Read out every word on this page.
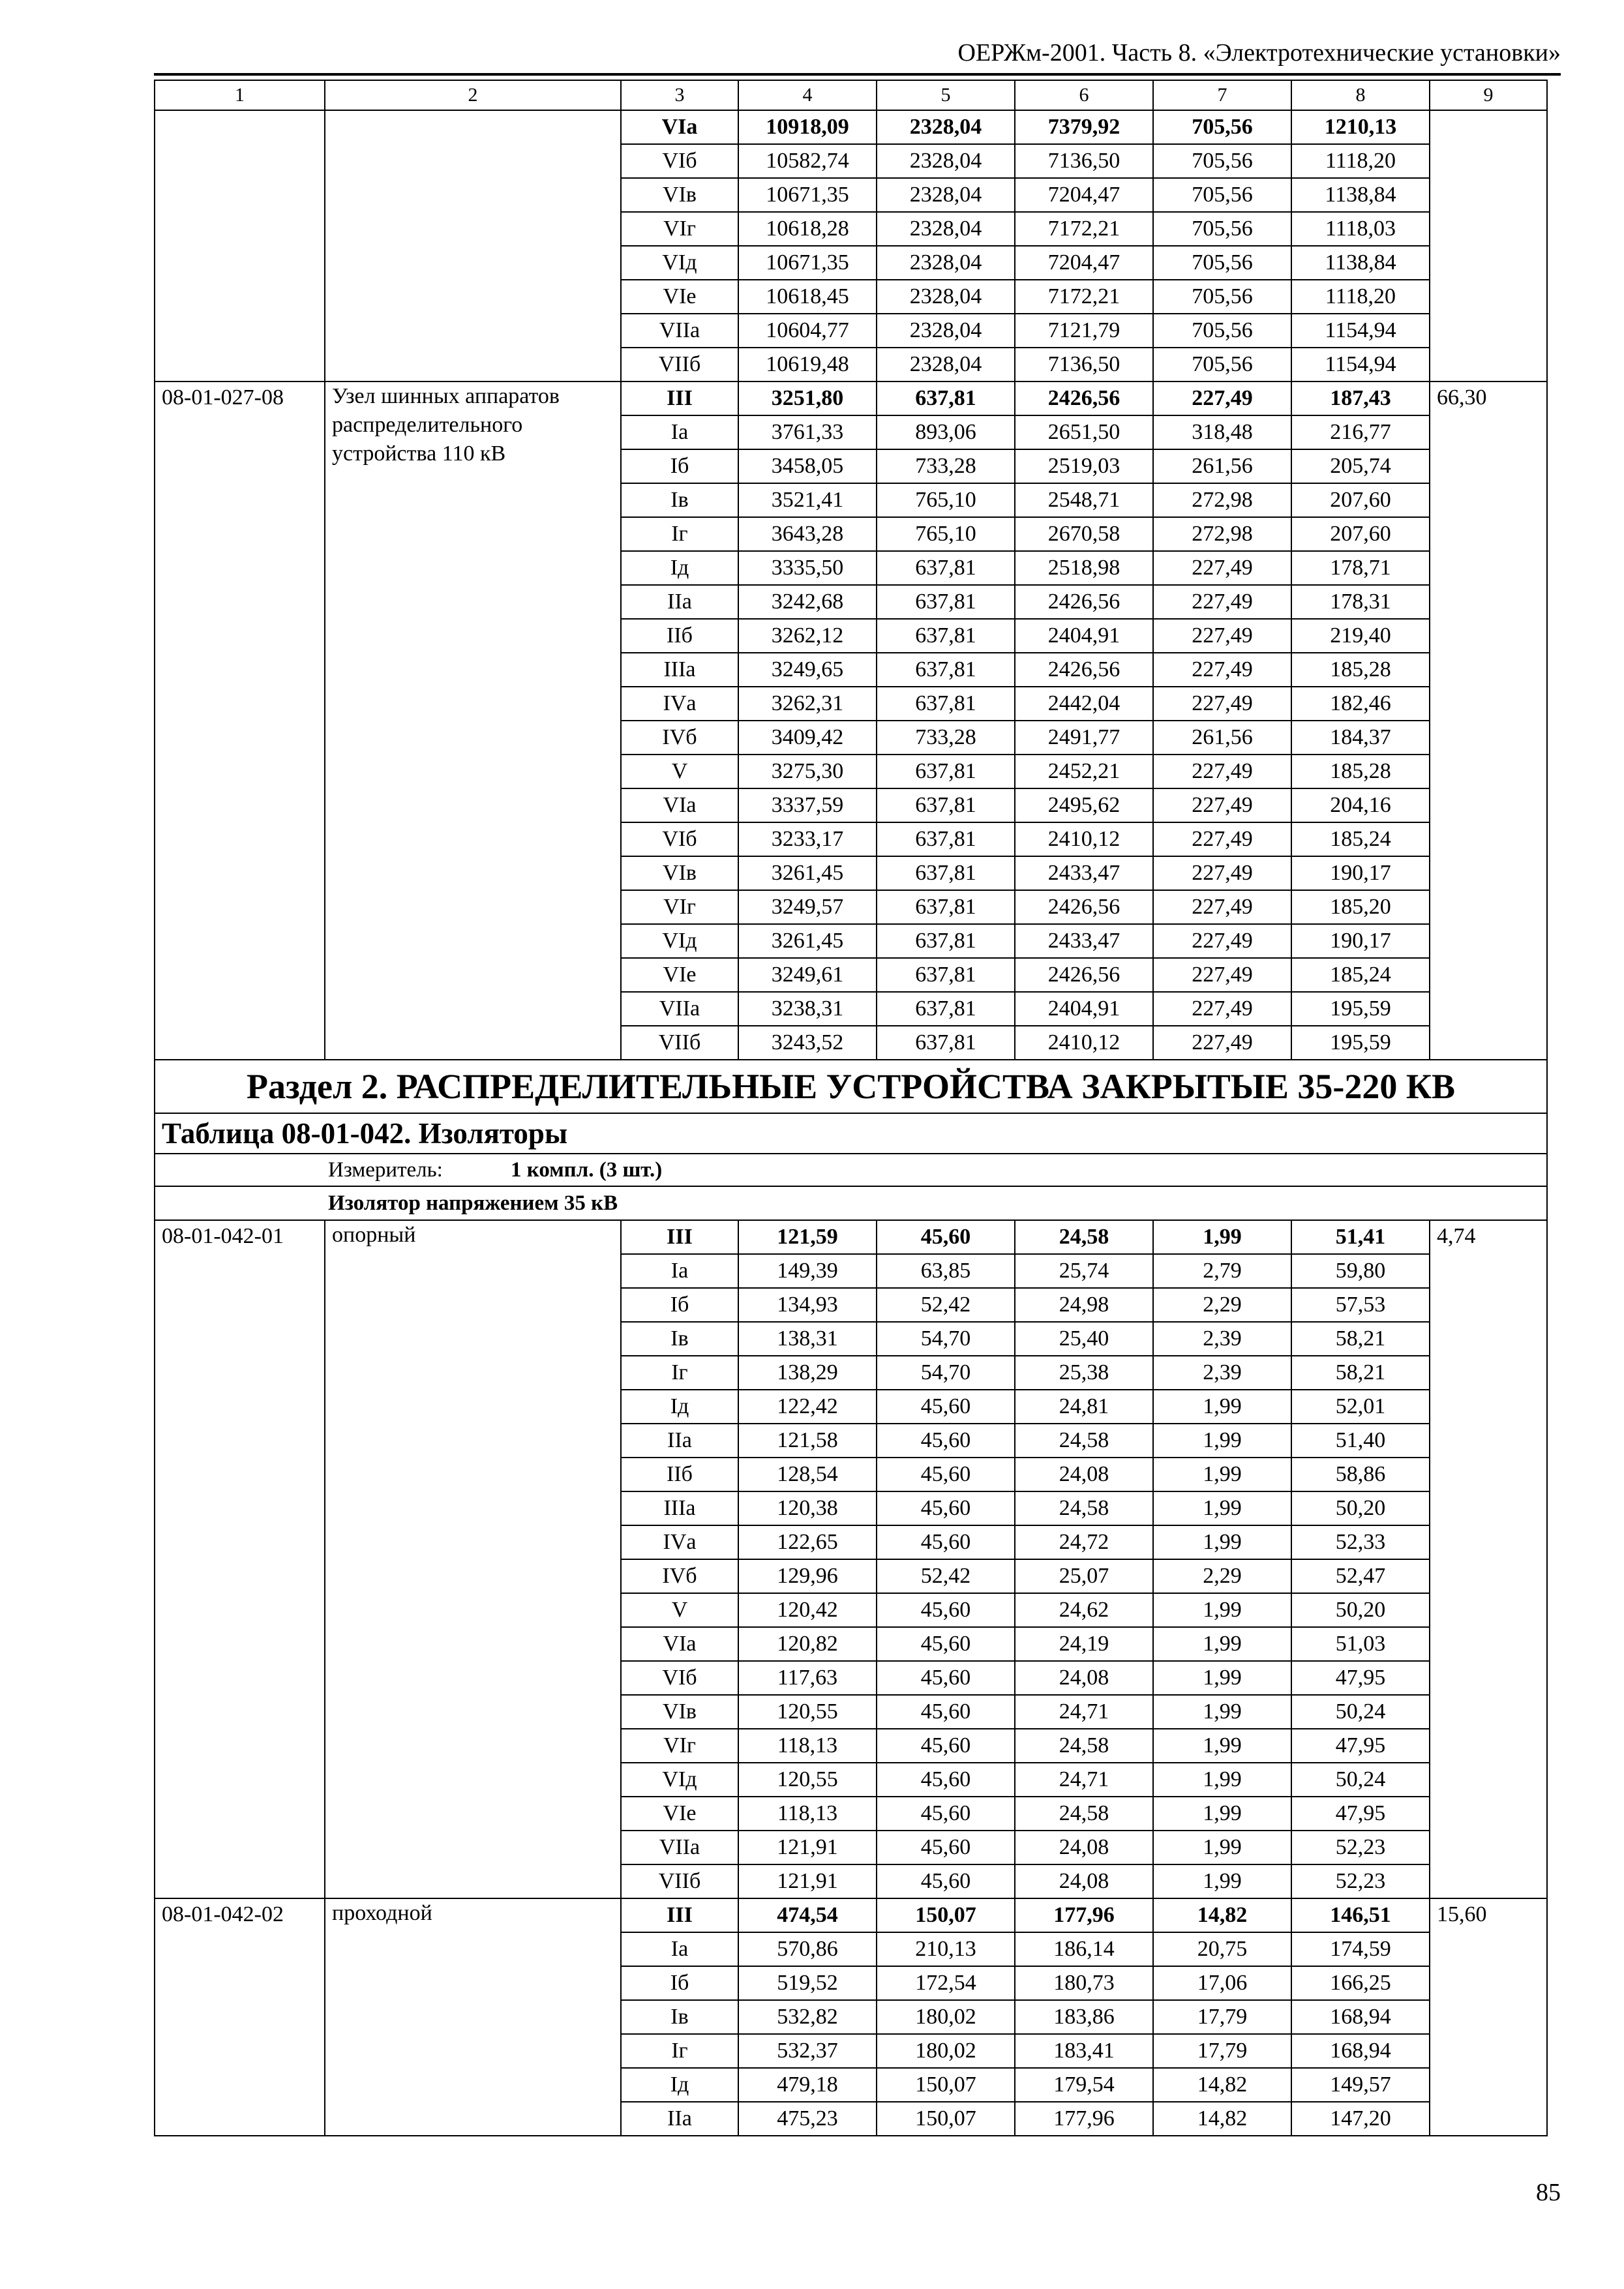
ОЕРЖм-2001. Часть 8. «Электротехнические установки»
1	2	3	4	5	6	7	8	9
		VIа	10918,09	2328,04	7379,92	705,56	1210,13	
		VIб	10582,74	2328,04	7136,50	705,56	1118,20	
		VIв	10671,35	2328,04	7204,47	705,56	1138,84	
		VIг	10618,28	2328,04	7172,21	705,56	1118,03	
		VIд	10671,35	2328,04	7204,47	705,56	1138,84	
		VIе	10618,45	2328,04	7172,21	705,56	1118,20	
		VIIа	10604,77	2328,04	7121,79	705,56	1154,94	
		VIIб	10619,48	2328,04	7136,50	705,56	1154,94	
08-01-027-08	Узел шинных аппаратов распределительного устройства 110 кВ	III	3251,80	637,81	2426,56	227,49	187,43	66,30
		Iа	3761,33	893,06	2651,50	318,48	216,77	
		Iб	3458,05	733,28	2519,03	261,56	205,74	
		Iв	3521,41	765,10	2548,71	272,98	207,60	
		Iг	3643,28	765,10	2670,58	272,98	207,60	
		Iд	3335,50	637,81	2518,98	227,49	178,71	
		IIа	3242,68	637,81	2426,56	227,49	178,31	
		IIб	3262,12	637,81	2404,91	227,49	219,40	
		IIIа	3249,65	637,81	2426,56	227,49	185,28	
		IVа	3262,31	637,81	2442,04	227,49	182,46	
		IVб	3409,42	733,28	2491,77	261,56	184,37	
		V	3275,30	637,81	2452,21	227,49	185,28	
		VIа	3337,59	637,81	2495,62	227,49	204,16	
		VIб	3233,17	637,81	2410,12	227,49	185,24	
		VIв	3261,45	637,81	2433,47	227,49	190,17	
		VIг	3249,57	637,81	2426,56	227,49	185,20	
		VIд	3261,45	637,81	2433,47	227,49	190,17	
		VIе	3249,61	637,81	2426,56	227,49	185,24	
		VIIа	3238,31	637,81	2404,91	227,49	195,59	
		VIIб	3243,52	637,81	2410,12	227,49	195,59	
Раздел 2. РАСПРЕДЕЛИТЕЛЬНЫЕ УСТРОЙСТВА ЗАКРЫТЫЕ 35-220 КВ								
Таблица 08-01-042. Изоляторы								
Измеритель: 1 компл. (3 шт.)								
Изолятор напряжением 35 кВ								
08-01-042-01	опорный	III	121,59	45,60	24,58	1,99	51,41	4,74
		Iа	149,39	63,85	25,74	2,79	59,80	
		Iб	134,93	52,42	24,98	2,29	57,53	
		Iв	138,31	54,70	25,40	2,39	58,21	
		Iг	138,29	54,70	25,38	2,39	58,21	
		Iд	122,42	45,60	24,81	1,99	52,01	
		IIа	121,58	45,60	24,58	1,99	51,40	
		IIб	128,54	45,60	24,08	1,99	58,86	
		IIIа	120,38	45,60	24,58	1,99	50,20	
		IVа	122,65	45,60	24,72	1,99	52,33	
		IVб	129,96	52,42	25,07	2,29	52,47	
		V	120,42	45,60	24,62	1,99	50,20	
		VIа	120,82	45,60	24,19	1,99	51,03	
		VIб	117,63	45,60	24,08	1,99	47,95	
		VIв	120,55	45,60	24,71	1,99	50,24	
		VIг	118,13	45,60	24,58	1,99	47,95	
		VIд	120,55	45,60	24,71	1,99	50,24	
		VIе	118,13	45,60	24,58	1,99	47,95	
		VIIа	121,91	45,60	24,08	1,99	52,23	
		VIIб	121,91	45,60	24,08	1,99	52,23	
08-01-042-02	проходной	III	474,54	150,07	177,96	14,82	146,51	15,60
		Iа	570,86	210,13	186,14	20,75	174,59	
		Iб	519,52	172,54	180,73	17,06	166,25	
		Iв	532,82	180,02	183,86	17,79	168,94	
		Iг	532,37	180,02	183,41	17,79	168,94	
		Iд	479,18	150,07	179,54	14,82	149,57	
		IIа	475,23	150,07	177,96	14,82	147,20	
85
